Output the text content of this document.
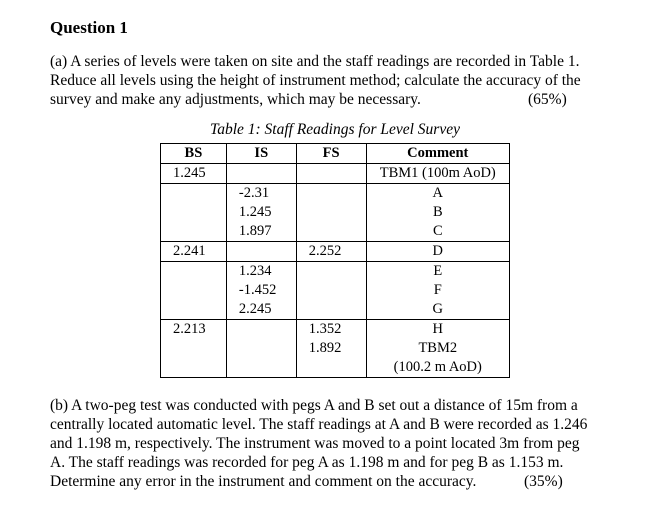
Question 1
(a) A series of levels were taken on site and the staff readings are recorded in Table 1.
Reduce all levels using the height of instrument method; calculate the accuracy of the
survey and make any adjustments, which may be necessary.	(65%)

Table 1: Staff Readings for Level Survey

BS	IS	FS	Comment
1.245			TBM1 (100m AoD)
	-2.31		A
	1.245		B
	1.897		C
2.241		2.252	D
	1.234		E
	-1.452		F
	2.245		G
2.213		1.352	H
		1.892	TBM2
			(100.2 m AoD)
(b) A two-peg test was conducted with pegs A and B set out a distance of 15m from a
centrally located automatic level. The staff readings at A and B were recorded as 1.246
and 1.198 m, respectively. The instrument was moved to a point located 3m from peg
A. The staff readings was recorded for peg A as 1.198 m and for peg B as 1.153 m.
Determine any error in the instrument and comment on the accuracy.	(35%)
